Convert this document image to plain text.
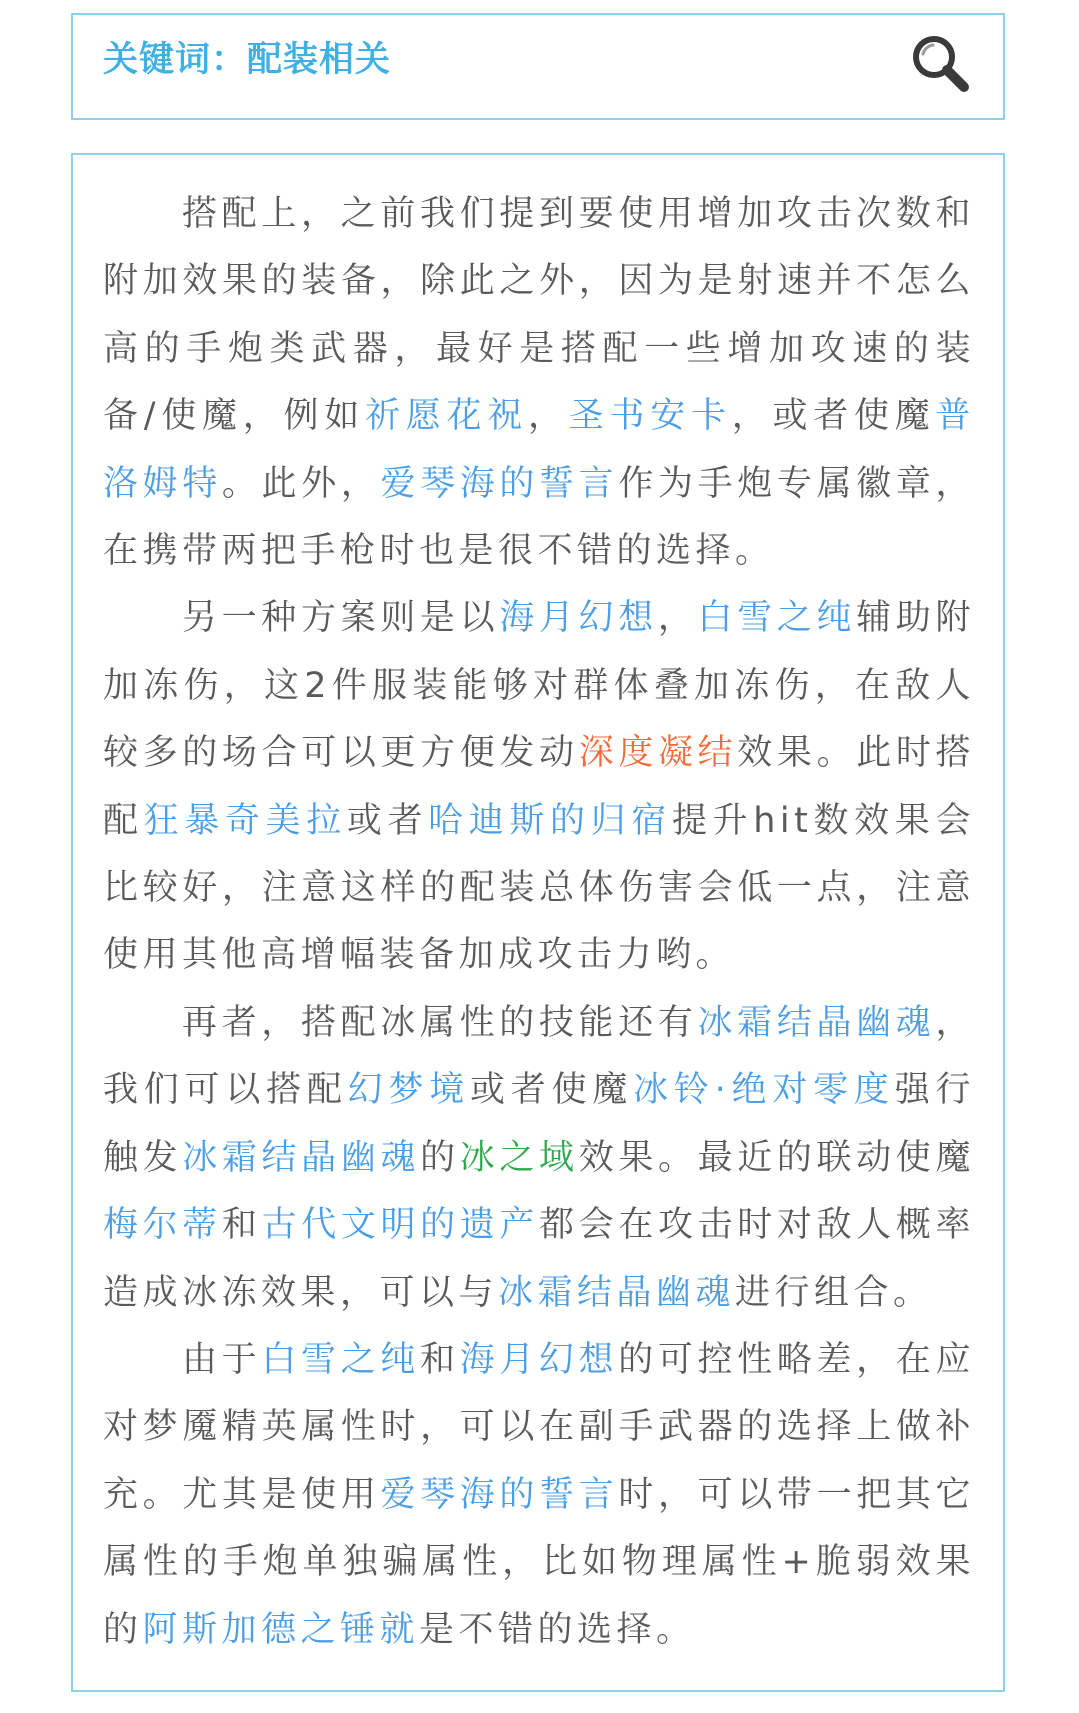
关键词：配装相关

搭配上，之前我们提到要使用增加攻击次数和附加效果的装备，除此之外，因为是射速并不怎么高的手炮类武器，最好是搭配一些增加攻速的装备/使魔，例如祈愿花祝，圣书安卡，或者使魔普洛姆特。此外，爱琴海的誓言作为手炮专属徽章，在携带两把手枪时也是很不错的选择。

另一种方案则是以海月幻想，白雪之纯辅助附加冻伤，这2件服装能够对群体叠加冻伤，在敌人较多的场合可以更方便发动深度凝结效果。此时搭配狂暴奇美拉或者哈迪斯的归宿提升hit数效果会比较好，注意这样的配装总体伤害会低一点，注意使用其他高增幅装备加成攻击力哟。

再者，搭配冰属性的技能还有冰霜结晶幽魂，我们可以搭配幻梦境或者使魔冰铃·绝对零度强行触发冰霜结晶幽魂的冰之域效果。最近的联动使魔梅尔蒂和古代文明的遗产都会在攻击时对敌人概率造成冰冻效果，可以与冰霜结晶幽魂进行组合。

由于白雪之纯和海月幻想的可控性略差，在应对梦魇精英属性时，可以在副手武器的选择上做补充。尤其是使用爱琴海的誓言时，可以带一把其它属性的手炮单独骗属性，比如物理属性+脆弱效果的阿斯加德之锤就是不错的选择。
